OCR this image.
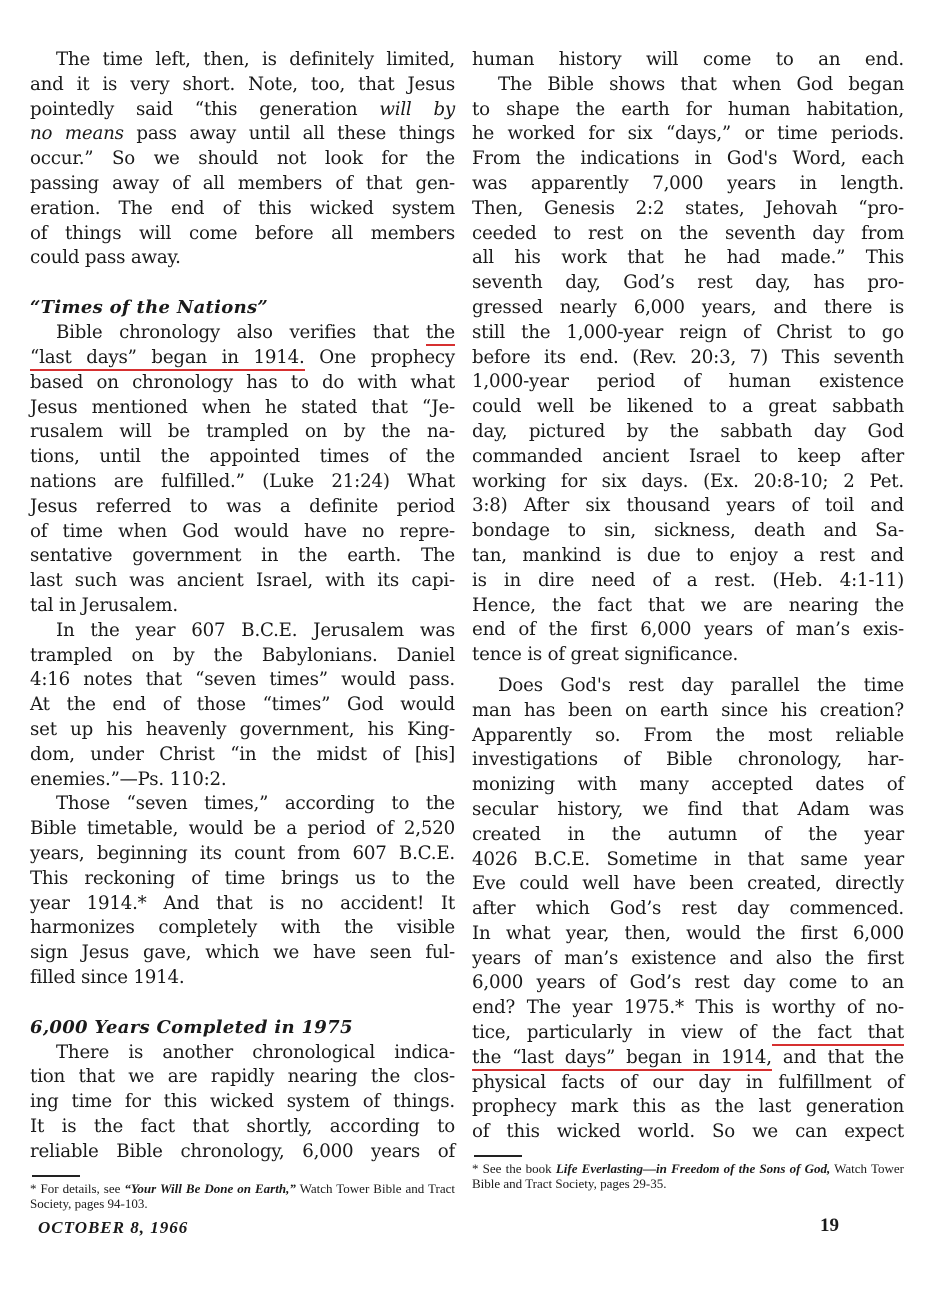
The time left, then, is definitely limited,
and it is very short. Note, too, that Jesus
pointedly said “this generation will by
no means pass away until all these things
occur.” So we should not look for the
passing away of all members of that gen-
eration. The end of this wicked system
of things will come before all members
could pass away.
“Times of the Nations”
Bible chronology also verifies that the
“last days” began in 1914. One prophecy
based on chronology has to do with what
Jesus mentioned when he stated that “Je-
rusalem will be trampled on by the na-
tions, until the appointed times of the
nations are fulfilled.” (Luke 21:24) What
Jesus referred to was a definite period
of time when God would have no repre-
sentative government in the earth. The
last such was ancient Israel, with its capi-
tal in Jerusalem.
In the year 607 B.C.E. Jerusalem was
trampled on by the Babylonians. Daniel
4:16 notes that “seven times” would pass.
At the end of those “times” God would
set up his heavenly government, his King-
dom, under Christ “in the midst of [his]
enemies.”—Ps. 110:2.
Those “seven times,” according to the
Bible timetable, would be a period of 2,520
years, beginning its count from 607 B.C.E.
This reckoning of time brings us to the
year 1914.* And that is no accident! It
harmonizes completely with the visible
sign Jesus gave, which we have seen ful-
filled since 1914.
6,000 Years Completed in 1975
There is another chronological indica-
tion that we are rapidly nearing the clos-
ing time for this wicked system of things.
It is the fact that shortly, according to
reliable Bible chronology, 6,000 years of
* For details, see “Your Will Be Done on Earth,” Watch Tower Bible and Tract Society, pages 94-103.
human history will come to an end.
The Bible shows that when God began
to shape the earth for human habitation,
he worked for six “days,” or time periods.
From the indications in God's Word, each
was apparently 7,000 years in length.
Then, Genesis 2:2 states, Jehovah “pro-
ceeded to rest on the seventh day from
all his work that he had made.” This
seventh day, God’s rest day, has pro-
gressed nearly 6,000 years, and there is
still the 1,000-year reign of Christ to go
before its end. (Rev. 20:3, 7) This seventh
1,000-year period of human existence
could well be likened to a great sabbath
day, pictured by the sabbath day God
commanded ancient Israel to keep after
working for six days. (Ex. 20:8-10; 2 Pet.
3:8) After six thousand years of toil and
bondage to sin, sickness, death and Sa-
tan, mankind is due to enjoy a rest and
is in dire need of a rest. (Heb. 4:1-11)
Hence, the fact that we are nearing the
end of the first 6,000 years of man’s exis-
tence is of great significance.
Does God's rest day parallel the time
man has been on earth since his creation?
Apparently so. From the most reliable
investigations of Bible chronology, har-
monizing with many accepted dates of
secular history, we find that Adam was
created in the autumn of the year
4026 B.C.E. Sometime in that same year
Eve could well have been created, directly
after which God’s rest day commenced.
In what year, then, would the first 6,000
years of man’s existence and also the first
6,000 years of God’s rest day come to an
end? The year 1975.* This is worthy of no-
tice, particularly in view of the fact that
the “last days” began in 1914, and that the
physical facts of our day in fulfillment of
prophecy mark this as the last generation
of this wicked world. So we can expect
* See the book Life Everlasting—in Freedom of the Sons of God, Watch Tower Bible and Tract Society, pages 29-35.
OCTOBER 8, 1966	19
